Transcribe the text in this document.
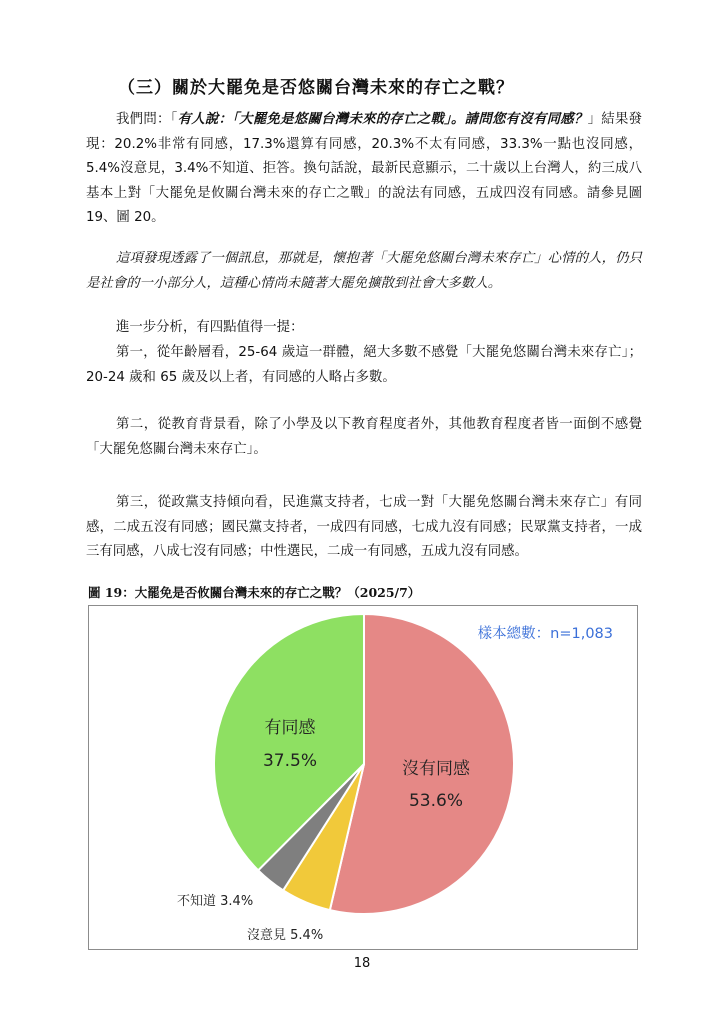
（三）關於大罷免是否悠關台灣未來的存亡之戰？

我們問：「有人說：「大罷免是悠關台灣未來的存亡之戰」。請問您有沒有同感？」結果發現：20.2%非常有同感，17.3%還算有同感，20.3%不太有同感，33.3%一點也沒同感，5.4%沒意見，3.4%不知道、拒答。換句話說，最新民意顯示，二十歲以上台灣人，約三成八基本上對「大罷免是攸關台灣未來的存亡之戰」的說法有同感，五成四沒有同感。請參見圖 19、圖 20。

這項發現透露了一個訊息，那就是，懷抱著「大罷免悠關台灣未來存亡」心情的人，仍只是社會的一小部分人，這種心情尚未隨著大罷免擴散到社會大多數人。

進一步分析，有四點值得一提：

第一，從年齡層看，25-64 歲這一群體，絕大多數不感覺「大罷免悠關台灣未來存亡」；20-24 歲和 65 歲及以上者，有同感的人略占多數。

第二，從教育背景看，除了小學及以下教育程度者外，其他教育程度者皆一面倒不感覺「大罷免悠關台灣未來存亡」。

第三，從政黨支持傾向看，民進黨支持者，七成一對「大罷免悠關台灣未來存亡」有同感，二成五沒有同感；國民黨支持者，一成四有同感，七成九沒有同感；民眾黨支持者，一成三有同感，八成七沒有同感；中性選民，二成一有同感，五成九沒有同感。

圖 19：大罷免是否攸關台灣未來的存亡之戰？（2025/7）
樣本總數：n=1,083
沒有同感
53.6%
有同感
37.5%
沒意見 5.4%
不知道 3.4%
18
